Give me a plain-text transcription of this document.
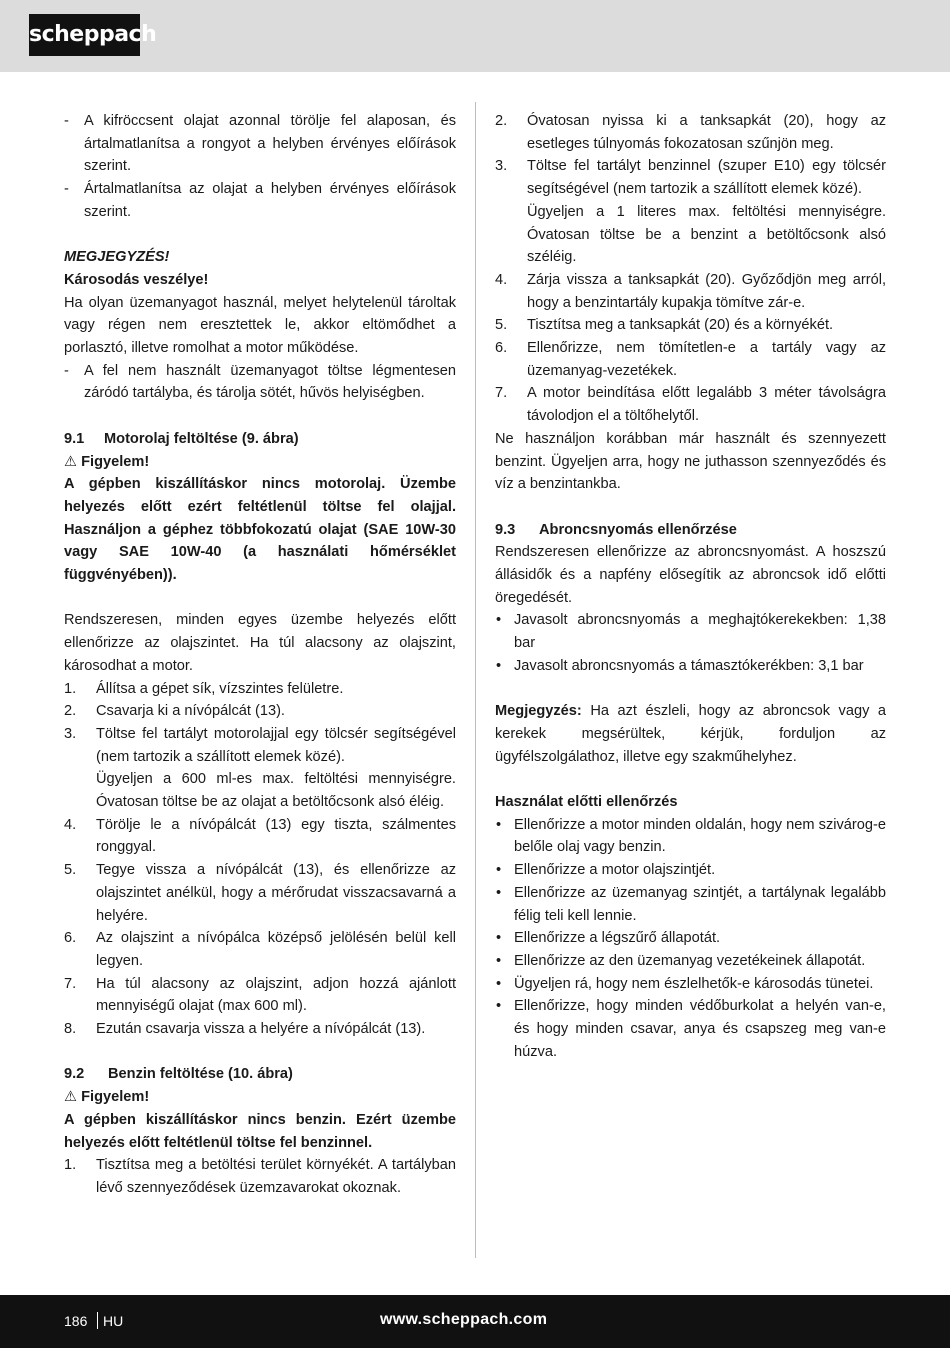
scheppach
- A kifröccsent olajat azonnal törölje fel alaposan, és ártalmatlanítsa a rongyot a helyben érvényes előírások szerint.
- Ártalmatlanítsa az olajat a helyben érvényes előírások szerint.
MEGJEGYZÉS!
Károsodás veszélye!
Ha olyan üzemanyagot használ, melyet helytelenül tároltak vagy régen nem eresztettek le, akkor eltömődhet a porlasztó, illetve romolhat a motor működése.
- A fel nem használt üzemanyagot töltse légmentesen záródó tartályba, és tárolja sötét, hűvös helyiségben.
9.1	Motorolaj feltöltése (9. ábra)
⚠ Figyelem!
A gépben kiszállításkor nincs motorolaj. Üzembe helyezés előtt ezért feltétlenül töltse fel olajjal. Használjon a géphez többfokozatú olajat (SAE 10W-30 vagy SAE 10W-40 (a használati hőmérséklet függvényében)).
Rendszeresen, minden egyes üzembe helyezés előtt ellenőrizze az olajszintet. Ha túl alacsony az olajszint, károsodhat a motor.
1. Állítsa a gépet sík, vízszintes felületre.
2. Csavarja ki a nívópálcát (13).
3. Töltse fel tartályt motorolajjal egy tölcsér segítségével (nem tartozik a szállított elemek közé).
Ügyeljen a 600 ml-es max. feltöltési mennyiségre. Óvatosan töltse be az olajat a betöltőcsonk alsó éléig.
4. Törölje le a nívópálcát (13) egy tiszta, szálmentes ronggyal.
5. Tegye vissza a nívópálcát (13), és ellenőrizze az olajszintet anélkül, hogy a mérőrudat visszacsavarná a helyére.
6. Az olajszint a nívópálca középső jelölésén belül kell legyen.
7. Ha túl alacsony az olajszint, adjon hozzá ajánlott mennyiségű olajat (max 600 ml).
8. Ezután csavarja vissza a helyére a nívópálcát (13).
9.2	Benzin feltöltése (10. ábra)
⚠ Figyelem!
A gépben kiszállításkor nincs benzin. Ezért üzembe helyezés előtt feltétlenül töltse fel benzinnel.
1. Tisztítsa meg a betöltési terület környékét. A tartályban lévő szennyeződések üzemzavarokat okoznak.
2. Óvatosan nyissa ki a tanksapkát (20), hogy az esetleges túlnyomás fokozatosan szűnjön meg.
3. Töltse fel tartályt benzinnel (szuper E10) egy tölcsér segítségével (nem tartozik a szállított elemek közé).
Ügyeljen a 1 literes max. feltöltési mennyiségre. Óvatosan töltse be a benzint a betöltőcsonk alsó széléig.
4. Zárja vissza a tanksapkát (20). Győződjön meg arról, hogy a benzintartály kupakja tömítve zár-e.
5. Tisztítsa meg a tanksapkát (20) és a környékét.
6. Ellenőrizze, nem tömítetlen-e a tartály vagy az üzemanyag-vezetékek.
7. A motor beindítása előtt legalább 3 méter távolságra távolodjon el a töltőhelytől.
Ne használjon korábban már használt és szennyezett benzint. Ügyeljen arra, hogy ne juthasson szennyeződés és víz a benzintankba.
9.3	Abroncsnyomás ellenőrzése
Rendszeresen ellenőrizze az abroncsnyomást. A hoszszú állásidők és a napfény elősegítik az abroncsok idő előtti öregedését.
• Javasolt abroncsnyomás a meghajtókerekekben: 1,38 bar
• Javasolt abroncsnyomás a támasztókerékben: 3,1 bar
Megjegyzés: Ha azt észleli, hogy az abroncsok vagy a kerekek megsérültek, kérjük, forduljon az ügyfélszolgálathoz, illetve egy szakműhelyhez.
Használat előtti ellenőrzés
• Ellenőrizze a motor minden oldalán, hogy nem szivárog-e belőle olaj vagy benzin.
• Ellenőrizze a motor olajszintjét.
• Ellenőrizze az üzemanyag szintjét, a tartálynak legalább félig teli kell lennie.
• Ellenőrizze a légszűrő állapotát.
• Ellenőrizze az den üzemanyag vezetékeinek állapotát.
• Ügyeljen rá, hogy nem észlelhetők-e károsodás tünetei.
• Ellenőrizze, hogy minden védőburkolat a helyén van-e, és hogy minden csavar, anya és csapszeg meg van-e húzva.
186 HU	www.scheppach.com
